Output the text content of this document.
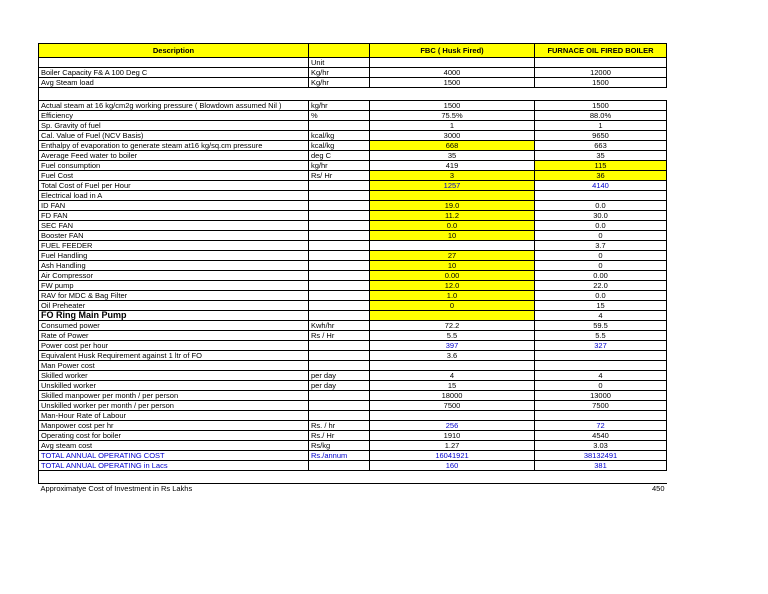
Description		FBC ( Husk Fired)	FURNACE OIL FIRED BOILER
	Unit		
Boiler Capacity F& A 100 Deg C	Kg/hr	4000	12000
Avg Steam load	Kg/hr	1500	1500

Actual steam at 16 kg/cm2g working pressure ( Blowdown assumed Nil )	kg/hr	1500	1500
Efficiency	%	75.5%	88.0%
Sp. Gravity of fuel		1	1
Cal. Value of Fuel (NCV Basis)	kcal/kg	3000	9650
Enthalpy of evaporation to generate steam at16 kg/sq.cm pressure	kcal/kg	668	663
Average Feed water to boiler	deg C	35	35
Fuel consumption	kg/hr	419	115
Fuel Cost	Rs/ Hr	3	36
Total Cost of Fuel per Hour		1257	4140
Electrical load in A			
ID FAN		19.0	0.0
FD FAN		11.2	30.0
SEC FAN		0.0	0.0
Booster FAN		10	0
FUEL FEEDER			3.7
Fuel Handling		27	0
Ash Handling		10	0
Air Compressor		0.00	0.00
FW pump		12.0	22.0
RAV for MDC & Bag Filter		1.0	0.0
Oil Preheater		0	15
FO Ring Main Pump			4
Consumed power	Kwh/hr	72.2	59.5
Rate of Power	Rs / Hr	5.5	5.5
Power cost per hour		397	327
Equivalent Husk Requirement against 1 ltr of FO		3.6	
Man Power cost			
Skilled worker	per day	4	4
Unskilled worker	per day	15	0
Skilled manpower per month / per person		18000	13000
Unskilled worker per month / per person		7500	7500
Man-Hour Rate of Labour			
Manpower cost per hr	Rs. / hr	256	72
Operating cost for boiler	Rs./ Hr	1910	4540
Avg steam cost	Rs/kg	1.27	3.03
TOTAL ANNUAL OPERATING COST	Rs./annum	16041921	38132491
TOTAL ANNUAL OPERATING in Lacs		160	381

Approximatye Cost of Investment in Rs Lakhs			450
